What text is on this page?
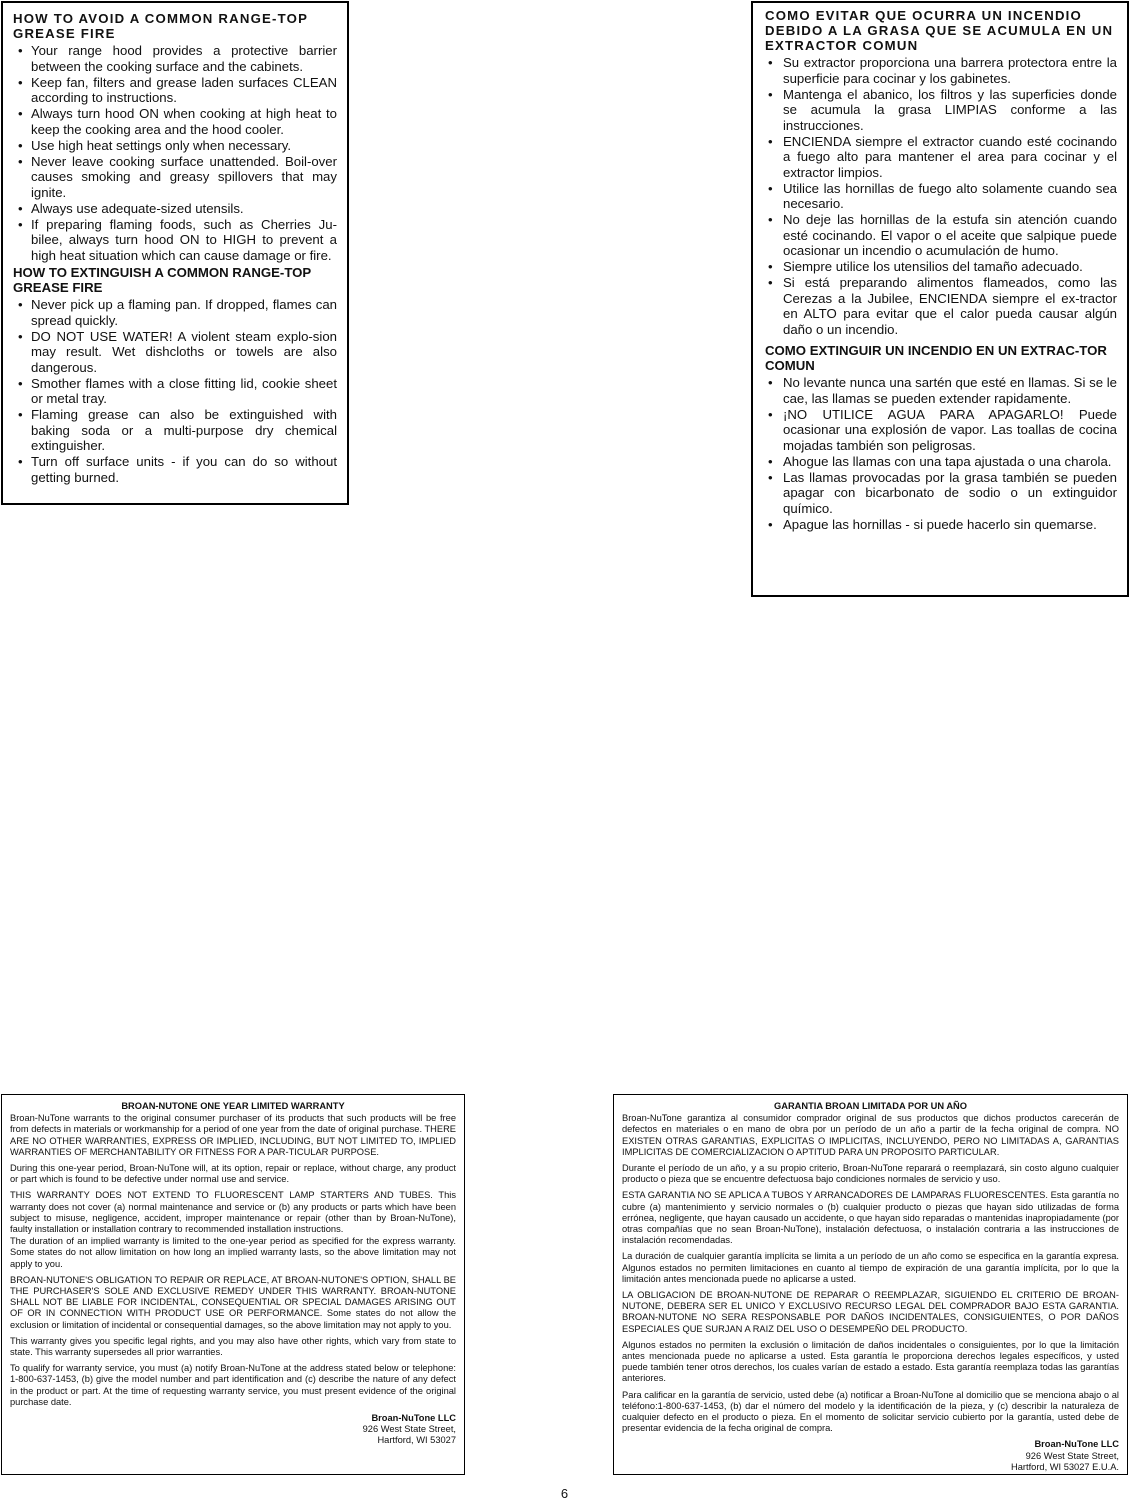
HOW TO AVOID A COMMON RANGE-TOP GREASE FIRE
• Your range hood provides a protective barrier between the cooking surface and the cabinets.
• Keep fan, filters and grease laden surfaces CLEAN according to instructions.
• Always turn hood ON when cooking at high heat to keep the cooking area and the hood cooler.
• Use high heat settings only when necessary.
• Never leave cooking surface unattended. Boil-over causes smoking and greasy spillovers that may ignite.
• Always use adequate-sized utensils.
• If preparing flaming foods, such as Cherries Ju-bilee, always turn hood ON to HIGH to prevent a high heat situation which can cause damage or fire.
HOW TO EXTINGUISH A COMMON RANGE-TOP GREASE FIRE
• Never pick up a flaming pan. If dropped, flames can spread quickly.
• DO NOT USE WATER! A violent steam explo-sion may result. Wet dishcloths or towels are also dangerous.
• Smother flames with a close fitting lid, cookie sheet or metal tray.
• Flaming grease can also be extinguished with baking soda or a multi-purpose dry chemical extinguisher.
• Turn off surface units - if you can do so without getting burned.
COMO EVITAR QUE OCURRA UN INCENDIO DEBIDO A LA GRASA QUE SE ACUMULA EN UN EXTRACTOR COMUN
• Su extractor proporciona una barrera protectora entre la superficie para cocinar y los gabinetes.
• Mantenga el abanico, los filtros y las superficies donde se acumula la grasa LIMPIAS conforme a las instrucciones.
• ENCIENDA siempre el extractor cuando esté cocinando a fuego alto para mantener el area para cocinar y el extractor limpios.
• Utilice las hornillas de fuego alto solamente cuando sea necesario.
• No deje las hornillas de la estufa sin atención cuando esté cocinando. El vapor o el aceite que salpique puede ocasionar un incendio o acumulación de humo.
• Siempre utilice los utensilios del tamaño adecuado.
• Si está preparando alimentos flameados, como las Cerezas a la Jubilee, ENCIENDA siempre el ex-tractor en ALTO para evitar que el calor pueda causar algún daño o un incendio.
COMO EXTINGUIR UN INCENDIO EN UN EXTRAC-TOR COMUN
• No levante nunca una sartén que esté en llamas. Si se le cae, las llamas se pueden extender rapidamente.
• ¡NO UTILICE AGUA PARA APAGARLO! Puede ocasionar una explosión de vapor. Las toallas de cocina mojadas también son peligrosas.
• Ahogue las llamas con una tapa ajustada o una charola.
• Las llamas provocadas por la grasa también se pueden apagar con bicarbonato de sodio o un extinguidor químico.
• Apague las hornillas - si puede hacerlo sin quemarse.
BROAN-NUTONE ONE YEAR LIMITED WARRANTY

Broan-NuTone warrants to the original consumer purchaser of its products that such products will be free from defects in materials or workmanship for a period of one year from the date of original purchase. THERE ARE NO OTHER WARRANTIES, EXPRESS OR IMPLIED, INCLUDING, BUT NOT LIMITED TO, IMPLIED WARRANTIES OF MERCHANTABILITY OR FITNESS FOR A PAR-TICULAR PURPOSE.

During this one-year period, Broan-NuTone will, at its option, repair or replace, without charge, any product or part which is found to be defective under normal use and service.

THIS WARRANTY DOES NOT EXTEND TO FLUORESCENT LAMP STARTERS AND TUBES. This warranty does not cover (a) normal maintenance and service or (b) any products or parts which have been subject to misuse, negligence, accident, improper maintenance or repair (other than by Broan-NuTone), faulty installation or installation contrary to recommended installation instructions.

The duration of an implied warranty is limited to the one-year period as specified for the express warranty. Some states do not allow limitation on how long an implied warranty lasts, so the above limitation may not apply to you.

BROAN-NUTONE'S OBLIGATION TO REPAIR OR REPLACE, AT BROAN-NUTONE'S OPTION, SHALL BE THE PURCHASER'S SOLE AND EXCLUSIVE REMEDY UNDER THIS WARRANTY. BROAN-NUTONE SHALL NOT BE LIABLE FOR INCIDENTAL, CONSEQUENTIAL OR SPECIAL DAMAGES ARISING OUT OF OR IN CONNECTION WITH PRODUCT USE OR PERFORMANCE. Some states do not allow the exclusion or limitation of incidental or consequential damages, so the above limitation may not apply to you.

This warranty gives you specific legal rights, and you may also have other rights, which vary from state to state. This warranty supersedes all prior warranties.

To qualify for warranty service, you must (a) notify Broan-NuTone at the address stated below or telephone: 1-800-637-1453, (b) give the model number and part identification and (c) describe the nature of any defect in the product or part. At the time of requesting warranty service, you must present evidence of the original purchase date.

Broan-NuTone LLC

926 West State Street,

Hartford, WI 53027

GARANTIA BROAN LIMITADA POR UN AÑO

Broan-NuTone garantiza al consumidor comprador original de sus productos que dichos productos carecerán de defectos en materiales o en mano de obra por un período de un año a partir de la fecha original de compra. NO EXISTEN OTRAS GARANTIAS, EXPLICITAS O IMPLICITAS, INCLUYENDO, PERO NO LIMITADAS A, GARANTIAS IMPLICITAS DE COMERCIALIZACION O APTITUD PARA UN PROPOSITO PARTICULAR.

Durante el período de un año, y a su propio criterio, Broan-NuTone reparará o reemplazará, sin costo alguno cualquier producto o pieza que se encuentre defectuosa bajo condiciones normales de servicio y uso.

ESTA GARANTIA NO SE APLICA A TUBOS Y ARRANCADORES DE LAMPARAS FLUORESCENTES. Esta garantía no cubre (a) mantenimiento y servicio normales o (b) cualquier producto o piezas que hayan sido utilizadas de forma errónea, negligente, que hayan causado un accidente, o que hayan sido reparadas o mantenidas inapropiadamente (por otras compañías que no sean Broan-NuTone), instalación defectuosa, o instalación contraria a las instrucciones de instalación recomendadas.

La duración de cualquier garantía implícita se limita a un período de un año como se especifica en la garantía expresa. Algunos estados no permiten limitaciones en cuanto al tiempo de expiración de una garantía implícita, por lo que la limitación antes mencionada puede no aplicarse a usted.

LA OBLIGACION DE BROAN-NUTONE DE REPARAR O REEMPLAZAR, SIGUIENDO EL CRITERIO DE BROAN-NUTONE, DEBERA SER EL UNICO Y EXCLUSIVO RECURSO LEGAL DEL COMPRADOR BAJO ESTA GARANTIA. BROAN-NUTONE NO SERA RESPONSABLE POR DAÑOS INCIDENTALES, CONSIGUIENTES, O POR DAÑOS ESPECIALES QUE SURJAN A RAIZ DEL USO O DESEMPEÑO DEL PRODUCTO.

Algunos estados no permiten la exclusión o limitación de daños incidentales o consiguientes, por lo que la limitación antes mencionada puede no aplicarse a usted. Esta garantía le proporciona derechos legales específicos, y usted puede también tener otros derechos, los cuales varían de estado a estado. Esta garantía reemplaza todas las garantías anteriores.

Para calificar en la garantía de servicio, usted debe (a) notificar a Broan-NuTone al domicilio que se menciona abajo o al teléfono:1-800-637-1453, (b) dar el número del modelo y la identificación de la pieza, y (c) describir la naturaleza de cualquier defecto en el producto o pieza. En el momento de solicitar servicio cubierto por la garantía, usted debe de presentar evidencia de la fecha original de compra.

Broan-NuTone LLC

926 West State Street,

Hartford, WI 53027 E.U.A.

6
